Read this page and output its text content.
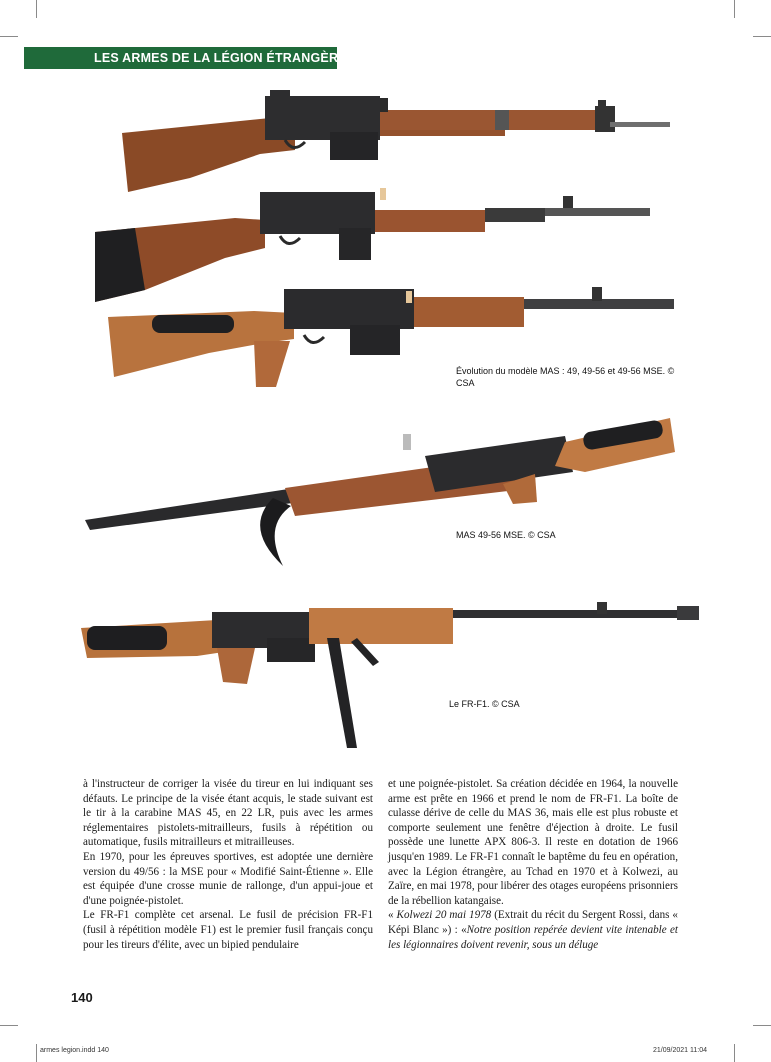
LES ARMES DE LA LÉGION ÉTRANGÈRE
Évolution du modèle MAS : 49, 49-56 et 49-56 MSE. © CSA
MAS 49-56 MSE. © CSA
Le FR-F1. © CSA

à l'instructeur de corriger la visée du tireur en lui indiquant ses défauts. Le principe de la visée étant acquis, le stade suivant est le tir à la carabine MAS 45, en 22 LR, puis avec les armes réglementaires pistolets-mitrailleurs, fusils à répétition ou automatique, fusils mitrailleurs et mitrailleuses.

En 1970, pour les épreuves sportives, est adoptée une dernière version du 49/56 : la MSE pour « Modifié Saint-Étienne ». Elle est équipée d'une crosse munie de rallonge, d'un appui-joue et d'une poignée-pistolet.

Le FR-F1 complète cet arsenal. Le fusil de précision FR-F1 (fusil à répétition modèle F1) est le premier fusil français conçu pour les tireurs d'élite, avec un bipied pendulaire

et une poignée-pistolet. Sa création décidée en 1964, la nouvelle arme est prête en 1966 et prend le nom de FR-F1. La boîte de culasse dérive de celle du MAS 36, mais elle est plus robuste et comporte seulement une fenêtre d'éjection à droite. Le fusil possède une lunette APX 806-3. Il reste en dotation de 1966 jusqu'en 1989. Le FR-F1 connaît le baptême du feu en opération, avec la Légion étrangère, au Tchad en 1970 et à Kolwezi, au Zaïre, en mai 1978, pour libérer des otages européens prisonniers de la rébellion katangaise.

« Kolwezi 20 mai 1978 (Extrait du récit du Sergent Rossi, dans « Képi Blanc ») : «Notre position repérée devient vite intenable et les légionnaires doivent revenir, sous un déluge

140
armes legion.indd 140	21/09/2021 11:04
